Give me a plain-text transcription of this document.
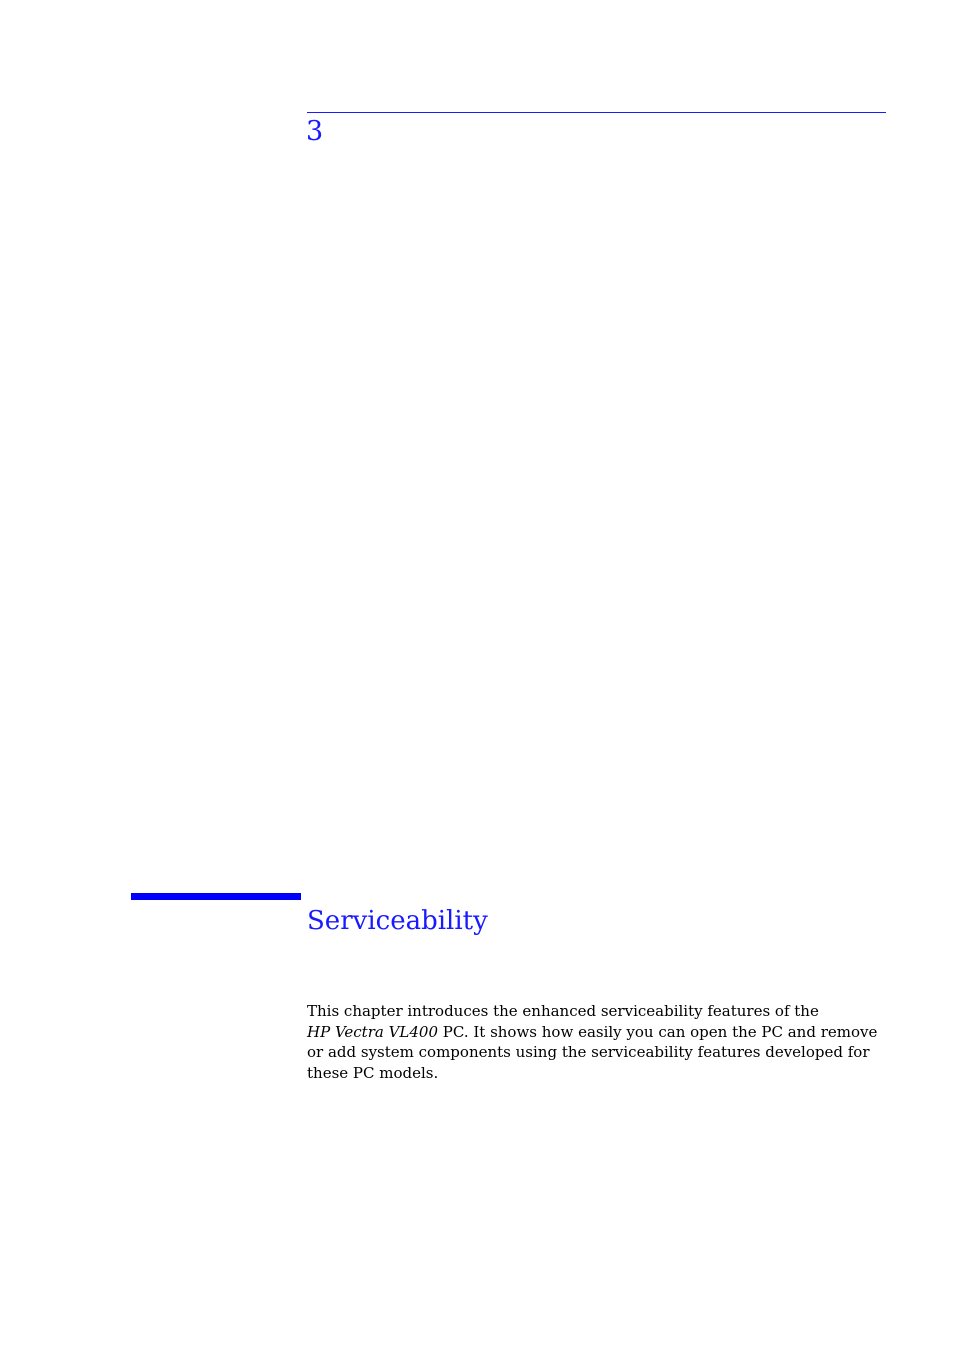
3
Serviceability

This chapter introduces the enhanced serviceability features of the
HP Vectra VL400 PC. It shows how easily you can open the PC and remove
or add system components using the serviceability features developed for
these PC models.
